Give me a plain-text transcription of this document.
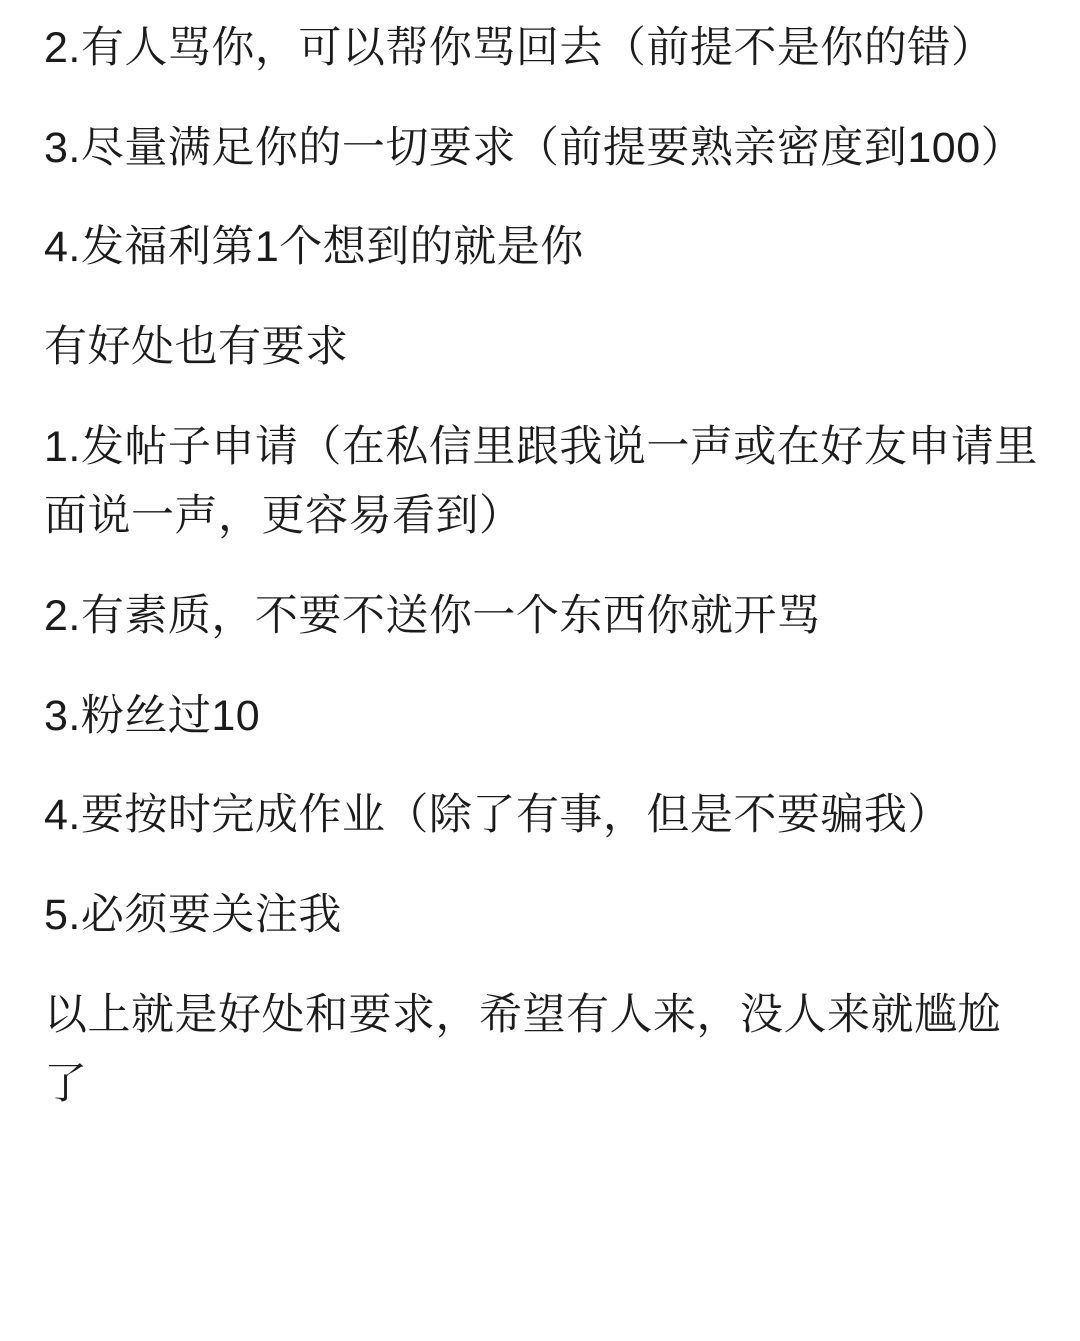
2.有人骂你，可以帮你骂回去（前提不是你的错）

3.尽量满足你的一切要求（前提要熟亲密度到100）

4.发福利第1个想到的就是你

有好处也有要求

1.发帖子申请（在私信里跟我说一声或在好友申请里面说一声，更容易看到）

2.有素质，不要不送你一个东西你就开骂

3.粉丝过10

4.要按时完成作业（除了有事，但是不要骗我）

5.必须要关注我

以上就是好处和要求，希望有人来，没人来就尴尬了
